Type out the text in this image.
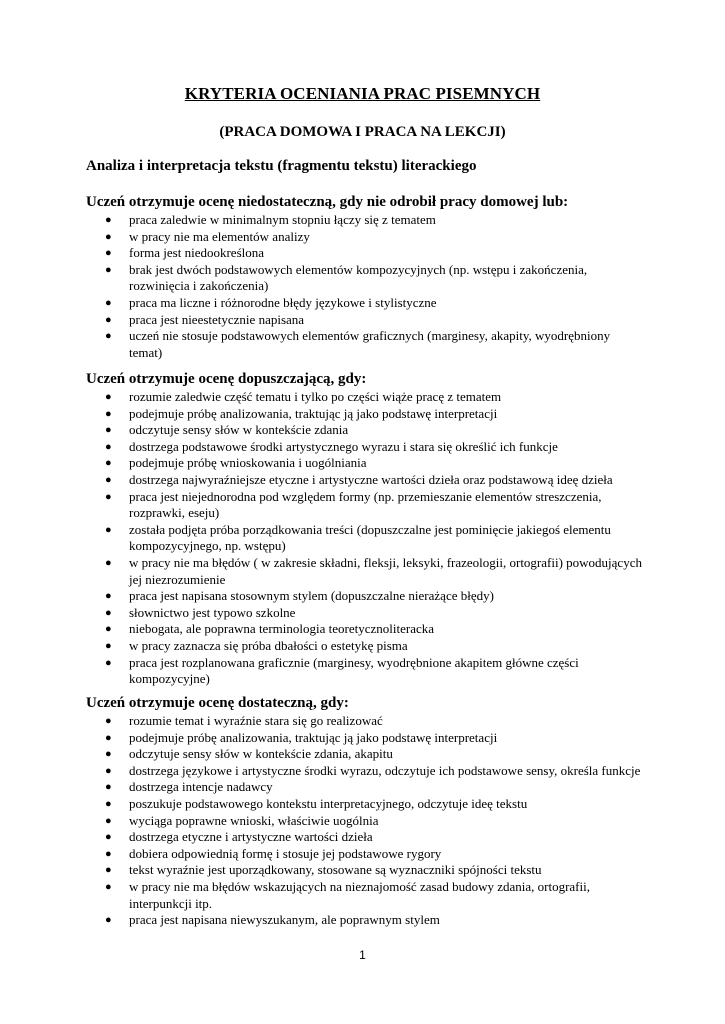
KRYTERIA OCENIANIA PRAC PISEMNYCH
(PRACA DOMOWA I PRACA NA LEKCJI)
Analiza i interpretacja tekstu (fragmentu tekstu) literackiego
Uczeń otrzymuje ocenę niedostateczną, gdy nie odrobił pracy domowej lub:
● praca zaledwie w minimalnym stopniu łączy się z tematem
● w pracy nie ma elementów analizy
● forma jest niedookreślona
● brak jest dwóch podstawowych elementów kompozycyjnych (np. wstępu i zakończenia, rozwinięcia i zakończenia)
● praca ma liczne i różnorodne błędy językowe i stylistyczne
● praca jest nieestetycznie napisana
● uczeń nie stosuje podstawowych elementów graficznych (marginesy, akapity, wyodrębniony temat)
Uczeń otrzymuje ocenę dopuszczającą, gdy:
● rozumie zaledwie część tematu i tylko po części wiąże pracę z tematem
● podejmuje próbę analizowania, traktując ją jako podstawę interpretacji
● odczytuje sensy słów w kontekście zdania
● dostrzega podstawowe środki artystycznego wyrazu i stara się określić ich funkcje
● podejmuje próbę wnioskowania i uogólniania
● dostrzega najwyraźniejsze etyczne i artystyczne wartości dzieła oraz podstawową ideę dzieła
● praca jest niejednorodna pod względem formy (np. przemieszanie elementów streszczenia, rozprawki, eseju)
● została podjęta próba porządkowania treści (dopuszczalne jest pominięcie jakiegoś elementu kompozycyjnego, np. wstępu)
● w pracy nie ma błędów ( w zakresie składni, fleksji, leksyki, frazeologii, ortografii) powodujących jej niezrozumienie
● praca jest napisana stosownym stylem (dopuszczalne nierażące błędy)
● słownictwo jest typowo szkolne
● niebogata, ale poprawna terminologia teoretycznoliteracka
● w pracy zaznacza się próba dbałości o estetykę pisma
● praca jest rozplanowana graficznie (marginesy, wyodrębnione akapitem główne części kompozycyjne)
Uczeń otrzymuje ocenę dostateczną, gdy:
● rozumie temat i wyraźnie stara się go realizować
● podejmuje próbę analizowania, traktując ją jako podstawę interpretacji
● odczytuje sensy słów w kontekście zdania, akapitu
● dostrzega językowe i artystyczne środki wyrazu, odczytuje ich podstawowe sensy, określa funkcje
● dostrzega intencje nadawcy
● poszukuje podstawowego kontekstu interpretacyjnego, odczytuje ideę tekstu
● wyciąga poprawne wnioski, właściwie uogólnia
● dostrzega etyczne i artystyczne wartości dzieła
● dobiera odpowiednią formę i stosuje jej podstawowe rygory
● tekst wyraźnie jest uporządkowany, stosowane są wyznaczniki spójności tekstu
● w pracy nie ma błędów wskazujących na nieznajomość zasad budowy zdania, ortografii, interpunkcji itp.
● praca jest napisana niewyszukanym, ale poprawnym stylem
1
